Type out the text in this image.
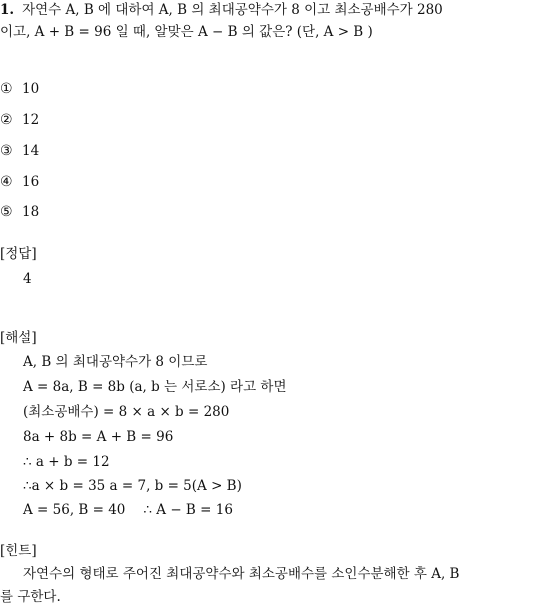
1. 자연수 A, B 에 대하여 A, B 의 최대공약수가 8 이고 최소공배수가 280
이고, A + B = 96 일 때, 알맞은 A − B 의 값은? (단, A > B )
① 10
② 12
③ 14
④ 16
⑤ 18
[정답]
4
[해설]
A, B 의 최대공약수가 8 이므로
A = 8a, B = 8b (a, b 는 서로소) 라고 하면
(최소공배수) = 8 × a × b = 280
8a + 8b = A + B = 96
∴ a + b = 12
∴a × b = 35 a = 7, b = 5(A > B)
A = 56, B = 40 ∴ A − B = 16
[힌트]
자연수의 형태로 주어진 최대공약수와 최소공배수를 소인수분해한 후 A, B
를 구한다.
